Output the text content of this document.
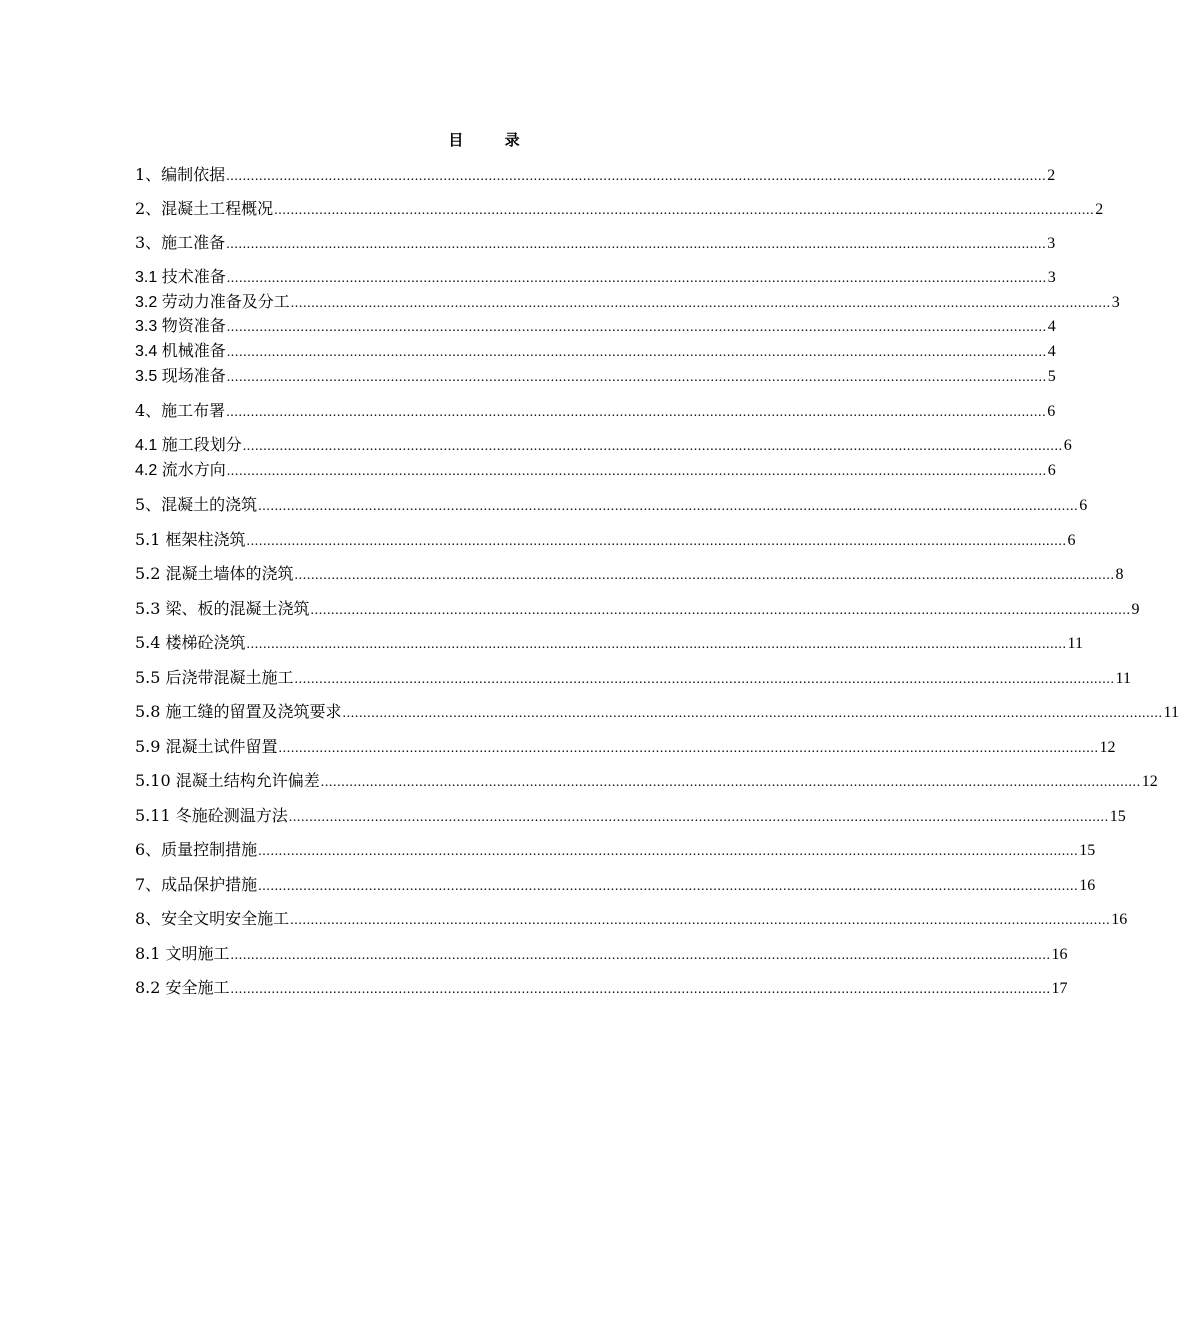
目 录
1、编制依据 ........................................................................................................................................................................................................ 2
2、混凝土工程概况 ........................................................................................................................................................................................................ 2
3、施工准备 ........................................................................................................................................................................................................ 3
3.1 技术准备 ........................................................................................................................................................................................................ 3
3.2 劳动力准备及分工 ........................................................................................................................................................................................................ 3
3.3 物资准备 ........................................................................................................................................................................................................ 4
3.4 机械准备 ........................................................................................................................................................................................................ 4
3.5 现场准备 ........................................................................................................................................................................................................ 5
4、施工布署 ........................................................................................................................................................................................................ 6
4.1 施工段划分 ........................................................................................................................................................................................................ 6
4.2 流水方向 ........................................................................................................................................................................................................ 6
5、混凝土的浇筑 ........................................................................................................................................................................................................ 6
5.1 框架柱浇筑 ........................................................................................................................................................................................................ 6
5.2 混凝土墙体的浇筑 ........................................................................................................................................................................................................ 8
5.3 梁、板的混凝土浇筑 ........................................................................................................................................................................................................ 9
5.4 楼梯砼浇筑 ........................................................................................................................................................................................................ 11
5.5 后浇带混凝土施工 ........................................................................................................................................................................................................ 11
5.8 施工缝的留置及浇筑要求 ........................................................................................................................................................................................................ 11
5.9 混凝土试件留置 ........................................................................................................................................................................................................ 12
5.10 混凝土结构允许偏差 ........................................................................................................................................................................................................ 12
5.11 冬施砼测温方法 ........................................................................................................................................................................................................ 15
6、质量控制措施 ........................................................................................................................................................................................................ 15
7、成品保护措施 ........................................................................................................................................................................................................ 16
8、安全文明安全施工 ........................................................................................................................................................................................................ 16
8.1 文明施工 ........................................................................................................................................................................................................ 16
8.2 安全施工 ........................................................................................................................................................................................................ 17
